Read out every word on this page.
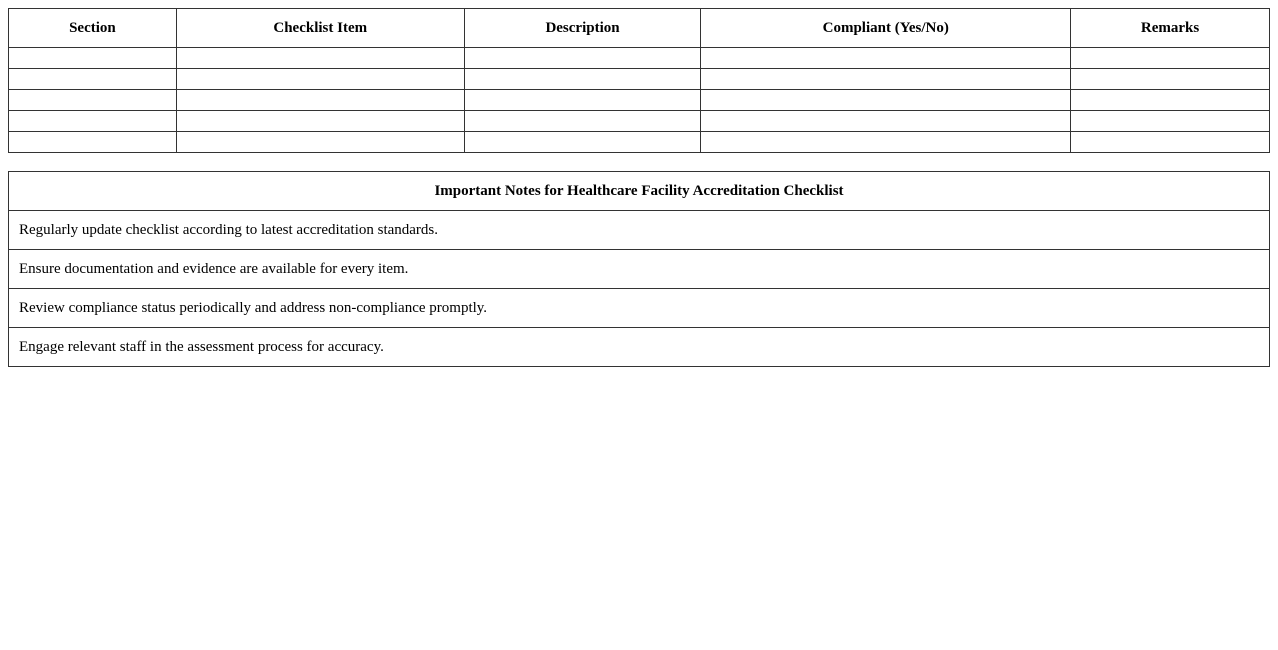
Section	Checklist Item	Description	Compliant (Yes/No)	Remarks

Important Notes for Healthcare Facility Accreditation Checklist
Regularly update checklist according to latest accreditation standards.
Ensure documentation and evidence are available for every item.
Review compliance status periodically and address non-compliance promptly.
Engage relevant staff in the assessment process for accuracy.
